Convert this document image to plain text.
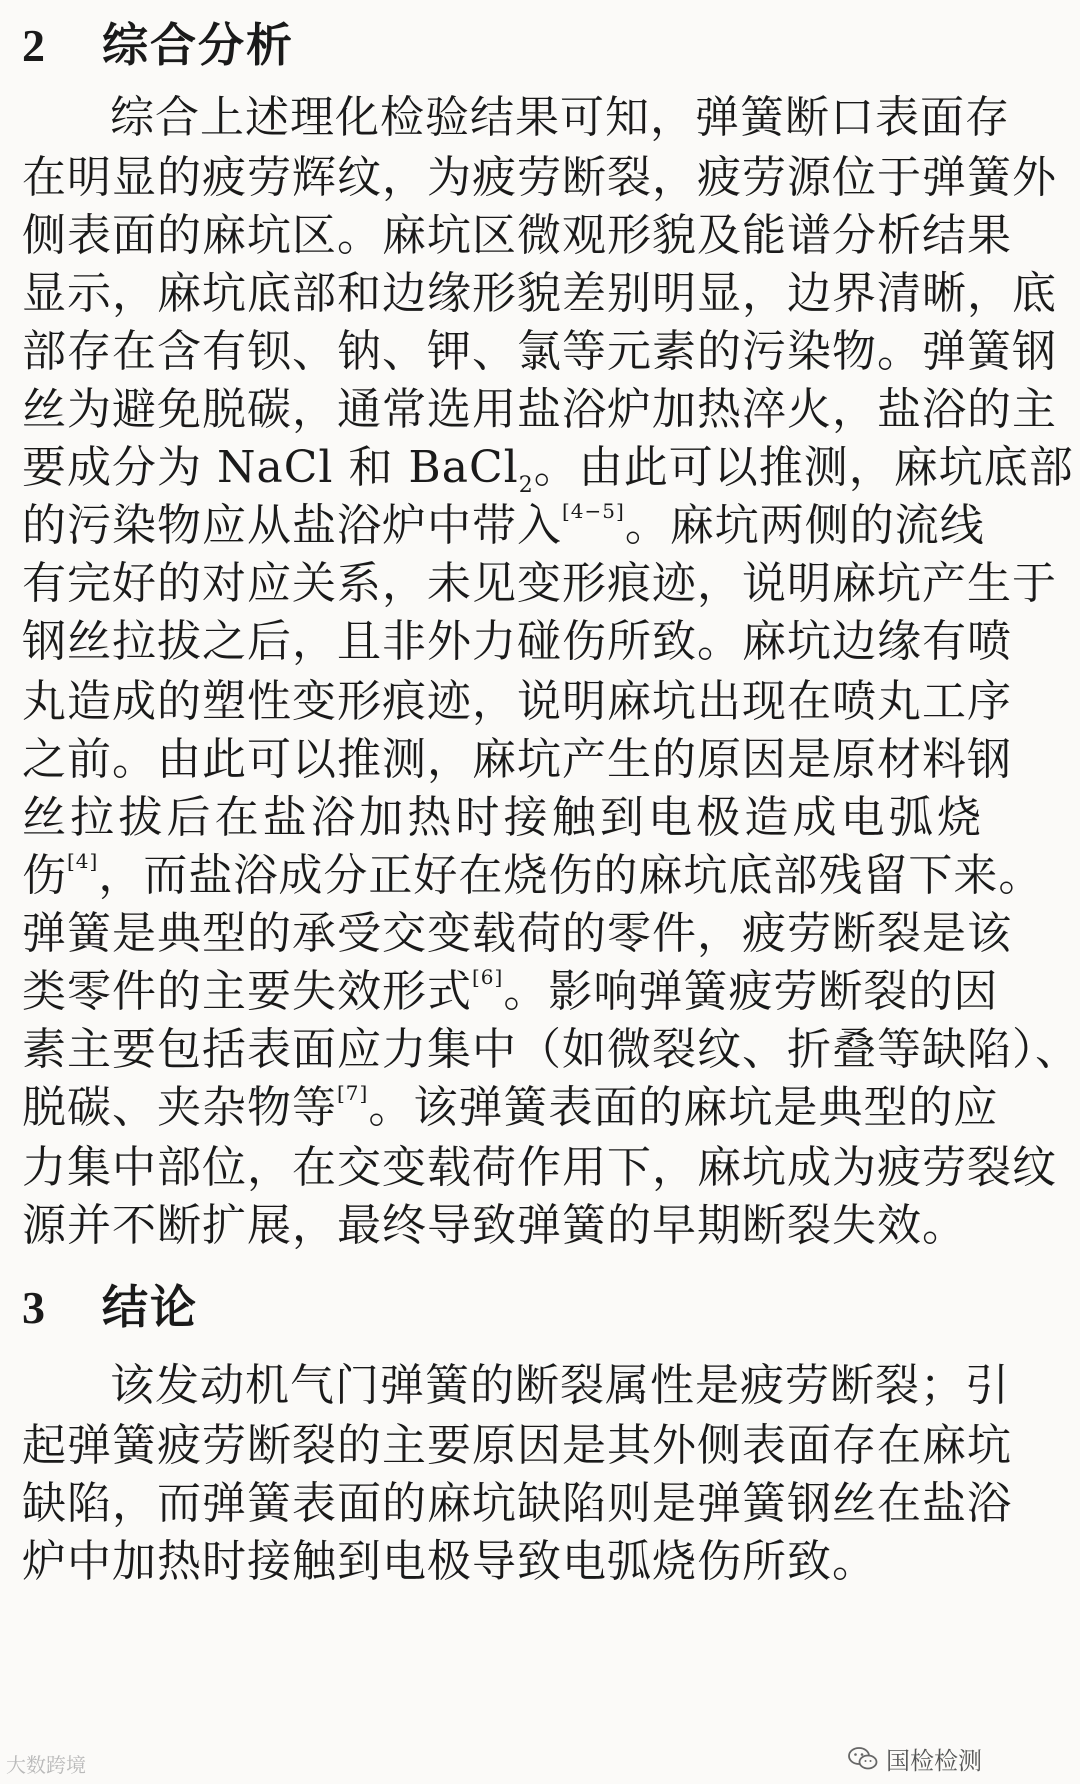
2 综合分析
综合上述理化检验结果可知，弹簧断口表面存
在明显的疲劳辉纹，为疲劳断裂，疲劳源位于弹簧外
侧表面的麻坑区。麻坑区微观形貌及能谱分析结果
显示，麻坑底部和边缘形貌差别明显，边界清晰，底
部存在含有钡、钠、钾、氯等元素的污染物。弹簧钢
丝为避免脱碳，通常选用盐浴炉加热淬火，盐浴的主
要成分为 NaCl 和 BaCl$_2$。由此可以推测，麻坑底部
的污染物应从盐浴炉中带入[4−5]。麻坑两侧的流线
有完好的对应关系，未见变形痕迹，说明麻坑产生于
钢丝拉拔之后，且非外力碰伤所致。麻坑边缘有喷
丸造成的塑性变形痕迹，说明麻坑出现在喷丸工序
之前。由此可以推测，麻坑产生的原因是原材料钢
丝拉拔后在盐浴加热时接触到电极造成电弧烧
伤[4]，而盐浴成分正好在烧伤的麻坑底部残留下来。
弹簧是典型的承受交变载荷的零件，疲劳断裂是该
类零件的主要失效形式[6]。影响弹簧疲劳断裂的因
素主要包括表面应力集中（如微裂纹、折叠等缺陷）、
脱碳、夹杂物等[7]。该弹簧表面的麻坑是典型的应
力集中部位，在交变载荷作用下，麻坑成为疲劳裂纹
源并不断扩展，最终导致弹簧的早期断裂失效。
3 结论
该发动机气门弹簧的断裂属性是疲劳断裂；引
起弹簧疲劳断裂的主要原因是其外侧表面存在麻坑
缺陷，而弹簧表面的麻坑缺陷则是弹簧钢丝在盐浴
炉中加热时接触到电极导致电弧烧伤所致。
大数跨境	国检检测
